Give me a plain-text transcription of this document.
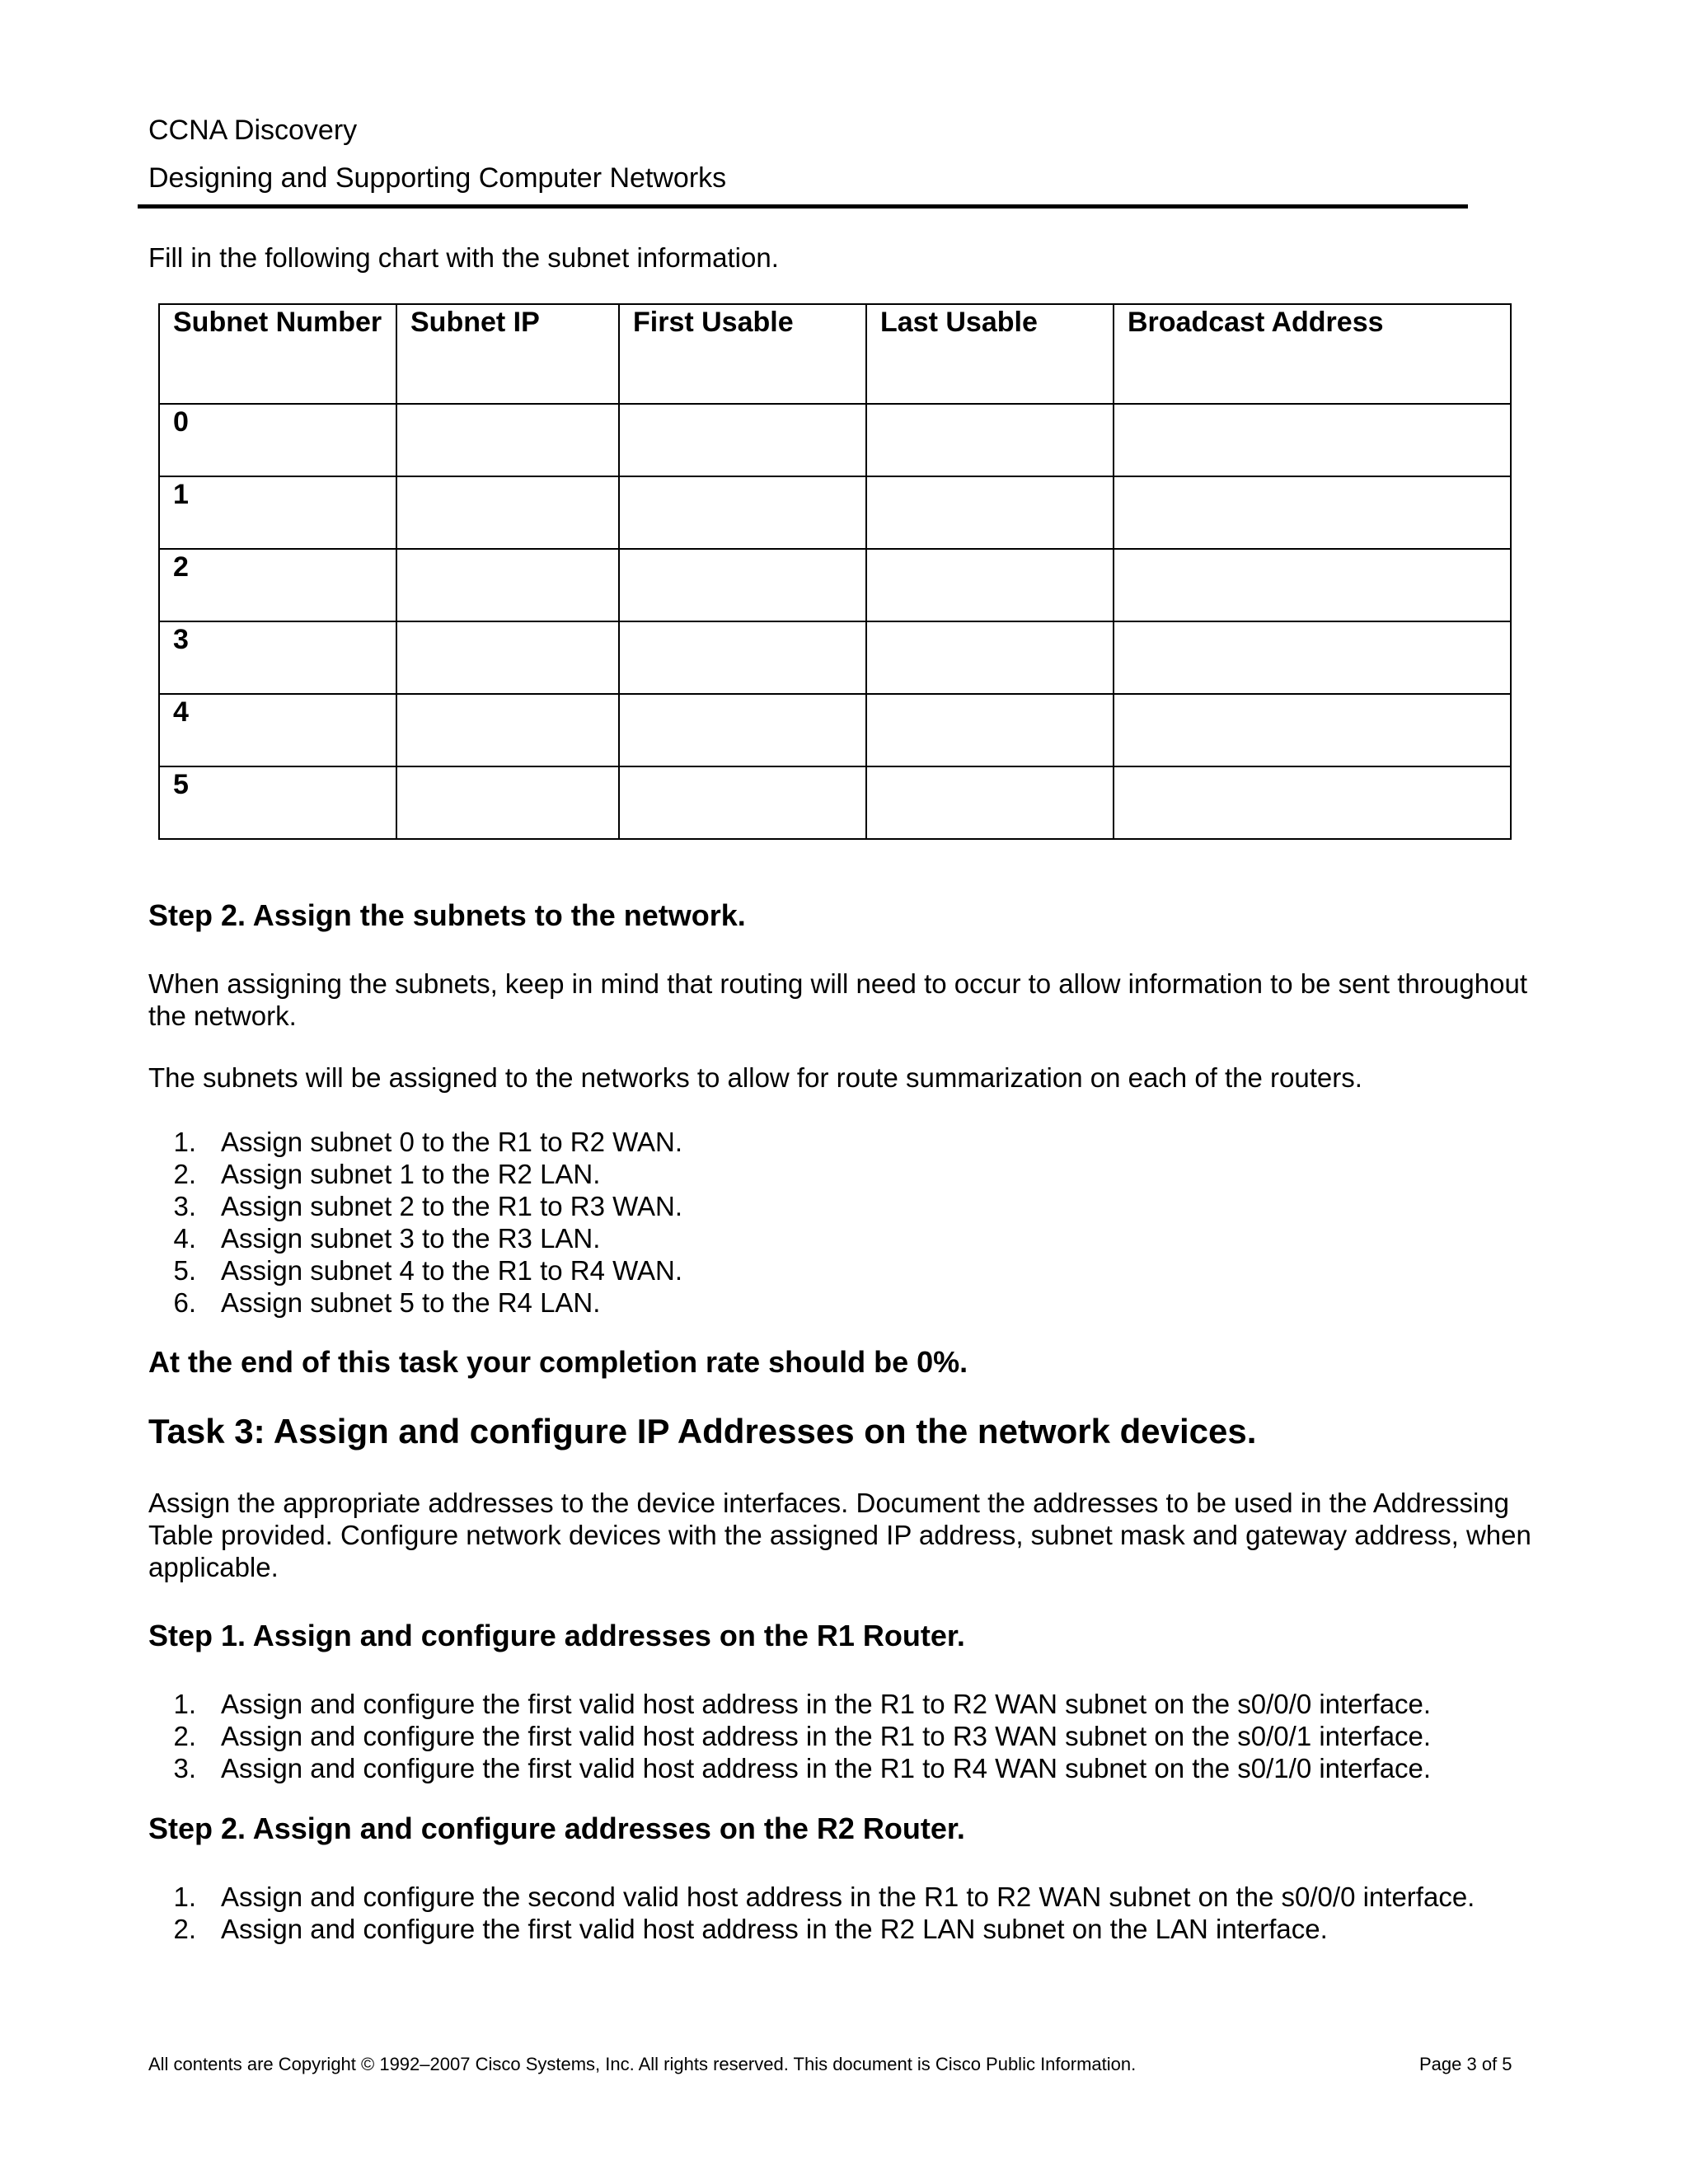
CCNA Discovery
Designing and Supporting Computer Networks
Fill in the following chart with the subnet information.
Subnet Number	Subnet IP	First Usable	Last Usable	Broadcast Address
0				
1				
2				
3				
4				
5				
Step 2. Assign the subnets to the network.
When assigning the subnets, keep in mind that routing will need to occur to allow information to be sent throughout the network.
The subnets will be assigned to the networks to allow for route summarization on each of the routers.
1. Assign subnet 0 to the R1 to R2 WAN.
2. Assign subnet 1 to the R2 LAN.
3. Assign subnet 2 to the R1 to R3 WAN.
4. Assign subnet 3 to the R3 LAN.
5. Assign subnet 4 to the R1 to R4 WAN.
6. Assign subnet 5 to the R4 LAN.
At the end of this task your completion rate should be 0%.
Task 3: Assign and configure IP Addresses on the network devices.
Assign the appropriate addresses to the device interfaces. Document the addresses to be used in the Addressing Table provided. Configure network devices with the assigned IP address, subnet mask and gateway address, when applicable.
Step 1. Assign and configure addresses on the R1 Router.
1. Assign and configure the first valid host address in the R1 to R2 WAN subnet on the s0/0/0 interface.
2. Assign and configure the first valid host address in the R1 to R3 WAN subnet on the s0/0/1 interface.
3. Assign and configure the first valid host address in the R1 to R4 WAN subnet on the s0/1/0 interface.
Step 2. Assign and configure addresses on the R2 Router.
1. Assign and configure the second valid host address in the R1 to R2 WAN subnet on the s0/0/0 interface.
2. Assign and configure the first valid host address in the R2 LAN subnet on the LAN interface.
All contents are Copyright © 1992–2007 Cisco Systems, Inc. All rights reserved. This document is Cisco Public Information.	Page 3 of 5
